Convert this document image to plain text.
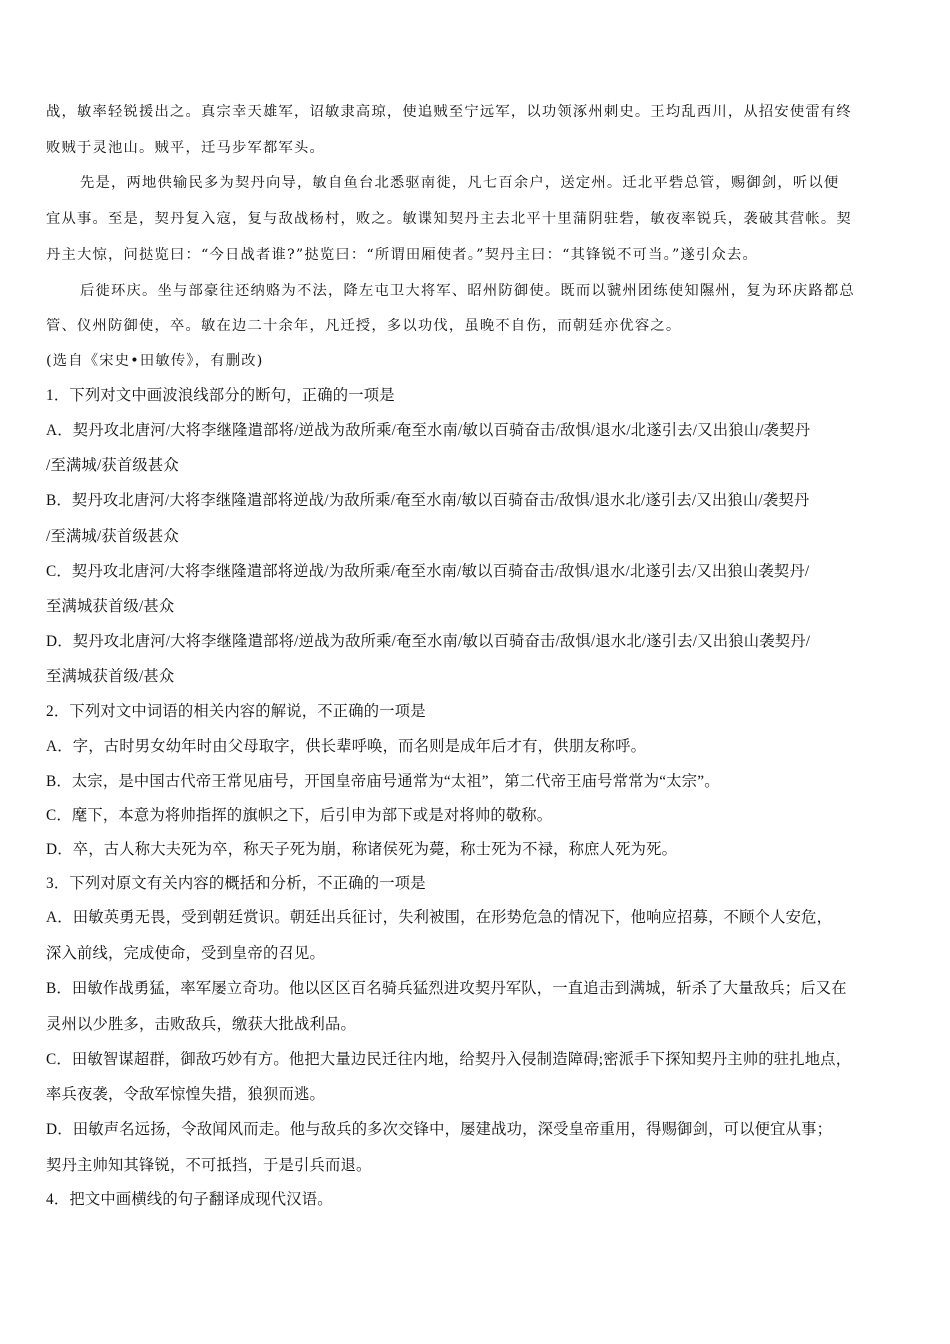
战，敏率轻锐援出之。真宗幸天雄军，诏敏隶高琼，使追贼至宁远军，以功领涿州刺史。王均乱西川，从招安使雷有终
败贼于灵池山。贼平，迁马步军都军头。
先是，两地供输民多为契丹向导，敏自鱼台北悉驱南徙，凡七百余户，送定州。迁北平砦总管，赐御剑，听以便
宜从事。至是，契丹复入寇，复与敌战杨村，败之。敏谍知契丹主去北平十里蒲阴驻砦，敏夜率锐兵，袭破其营帐。契
丹主大惊，问挞览曰：“今日战者谁?”挞览曰：“所谓田厢使者。”契丹主曰：“其锋锐不可当。”遂引众去。
后徙环庆。坐与部豪往还纳赂为不法，降左屯卫大将军、昭州防御使。既而以虢州团练使知隰州，复为环庆路都总
管、仪州防御使，卒。敏在边二十余年，凡迁授，多以功伐，虽晚不自伤，而朝廷亦优容之。
(选自《宋史•田敏传》，有删改)
1．下列对文中画波浪线部分的断句，正确的一项是
A．契丹攻北唐河/大将李继隆遣部将/逆战为敌所乘/奄至水南/敏以百骑奋击/敌惧/退水/北遂引去/又出狼山/袭契丹
/至满城/获首级甚众
B．契丹攻北唐河/大将李继隆遣部将逆战/为敌所乘/奄至水南/敏以百骑奋击/敌惧/退水北/遂引去/又出狼山/袭契丹
/至满城/获首级甚众
C．契丹攻北唐河/大将李继隆遣部将逆战/为敌所乘/奄至水南/敏以百骑奋击/敌惧/退水/北遂引去/又出狼山袭契丹/
至满城获首级/甚众
D．契丹攻北唐河/大将李继隆遣部将/逆战为敌所乘/奄至水南/敏以百骑奋击/敌惧/退水北/遂引去/又出狼山袭契丹/
至满城获首级/甚众
2．下列对文中词语的相关内容的解说，不正确的一项是
A．字，古时男女幼年时由父母取字，供长辈呼唤，而名则是成年后才有，供朋友称呼。
B．太宗，是中国古代帝王常见庙号，开国皇帝庙号通常为“太祖”，第二代帝王庙号常常为“太宗”。
C．麾下，本意为将帅指挥的旗帜之下，后引申为部下或是对将帅的敬称。
D．卒，古人称大夫死为卒，称天子死为崩，称诸侯死为薨，称士死为不禄，称庶人死为死。
3．下列对原文有关内容的概括和分析，不正确的一项是
A．田敏英勇无畏，受到朝廷赏识。朝廷出兵征讨，失利被围，在形势危急的情况下，他响应招募，不顾个人安危，
深入前线，完成使命，受到皇帝的召见。
B．田敏作战勇猛，率军屡立奇功。他以区区百名骑兵猛烈进攻契丹军队，一直追击到满城，斩杀了大量敌兵；后又在
灵州以少胜多，击败敌兵，缴获大批战利品。
C．田敏智谋超群，御敌巧妙有方。他把大量边民迁往内地，给契丹入侵制造障碍;密派手下探知契丹主帅的驻扎地点，
率兵夜袭，令敌军惊惶失措，狼狈而逃。
D．田敏声名远扬，令敌闻风而走。他与敌兵的多次交锋中，屡建战功，深受皇帝重用，得赐御剑，可以便宜从事；
契丹主帅知其锋锐，不可抵挡，于是引兵而退。
4．把文中画横线的句子翻译成现代汉语。
